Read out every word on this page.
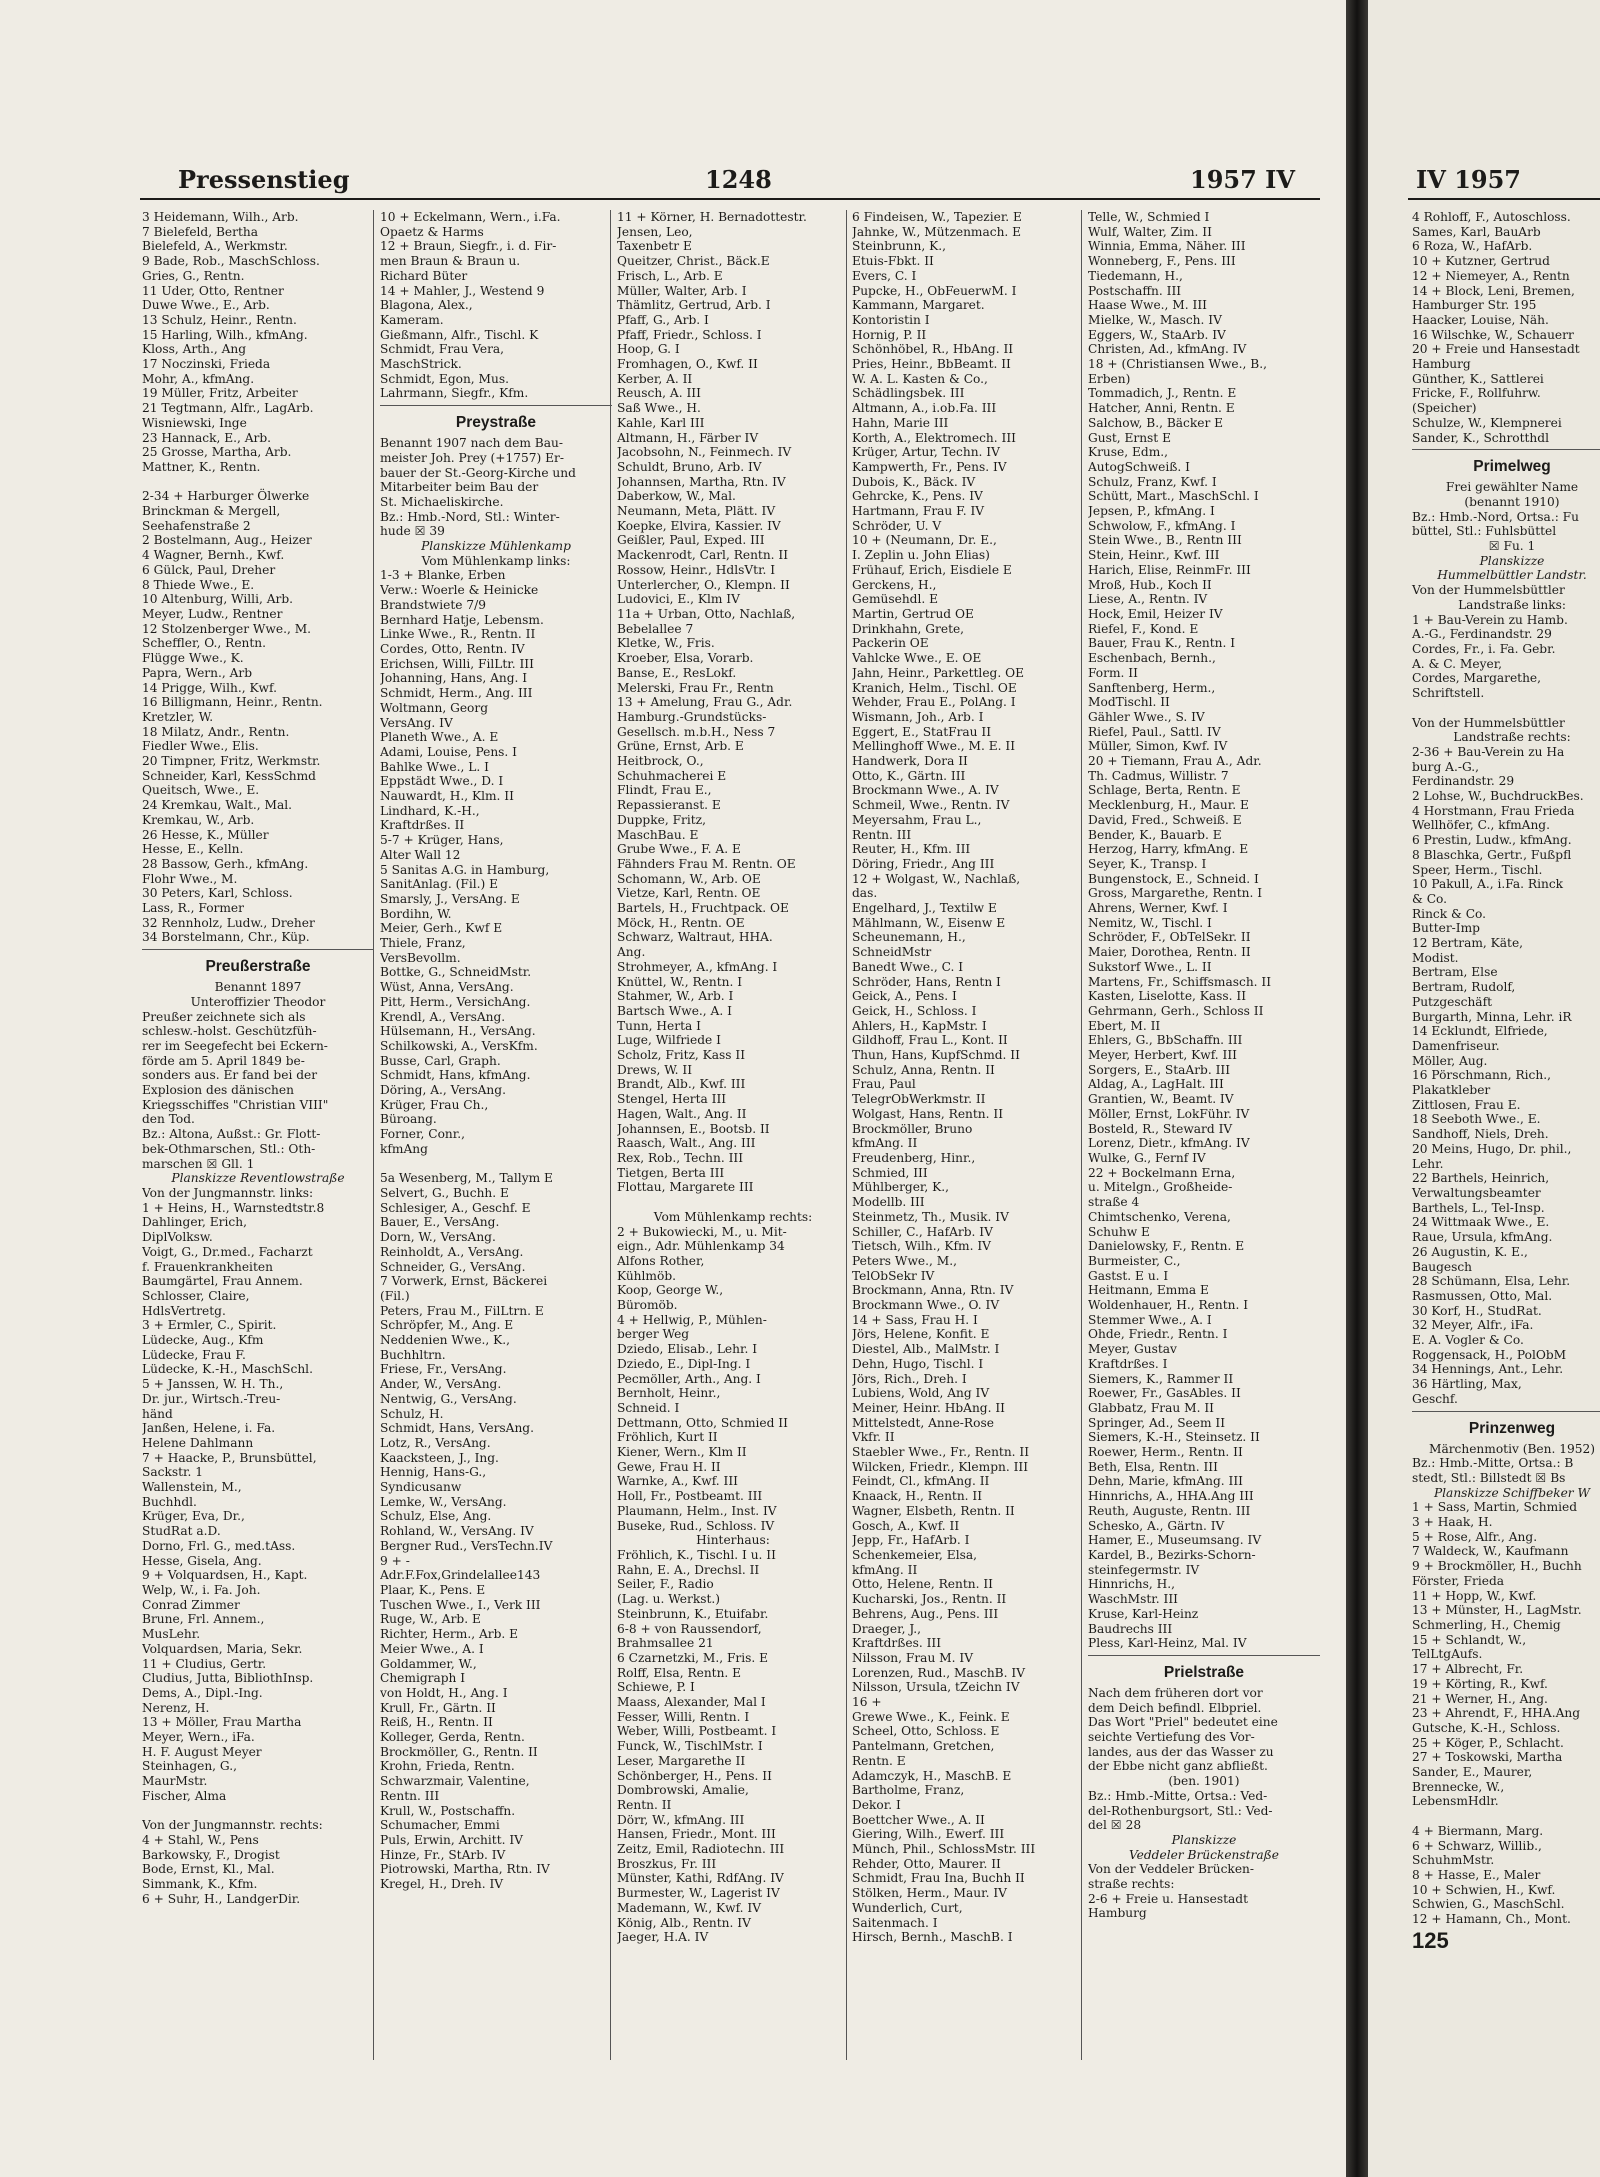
Pressenstieg	1248	1957 IV
3 Heidemann, Wilh., Arb.
7 Bielefeld, Bertha
Bielefeld, A., Werkmstr.
9 Bade, Rob., MaschSchloss.
Gries, G., Rentn.
11 Uder, Otto, Rentner
Duwe Wwe., E., Arb.
13 Schulz, Heinr., Rentn.
15 Harling, Wilh., kfmAng.
Kloss, Arth., Ang
17 Noczinski, Frieda
Mohr, A., kfmAng.
19 Müller, Fritz, Arbeiter
21 Tegtmann, Alfr., LagArb.
Wisniewski, Inge
23 Hannack, E., Arb.
25 Grosse, Martha, Arb.
Mattner, K., Rentn.

2-34 + Harburger Ölwerke
Brinckman & Mergell,
Seehafenstraße 2
2 Bostelmann, Aug., Heizer
4 Wagner, Bernh., Kwf.
6 Gülck, Paul, Dreher
8 Thiede Wwe., E.
10 Altenburg, Willi, Arb.
Meyer, Ludw., Rentner
12 Stolzenberger Wwe., M.
Scheffler, O., Rentn.
Flügge Wwe., K.
Papra, Wern., Arb
14 Prigge, Wilh., Kwf.
16 Billigmann, Heinr., Rentn.
Kretzler, W.
18 Milatz, Andr., Rentn.
Fiedler Wwe., Elis.
20 Timpner, Fritz, Werkmstr.
Schneider, Karl, KessSchmd
Queitsch, Wwe., E.
24 Kremkau, Walt., Mal.
Kremkau, W., Arb.
26 Hesse, K., Müller
Hesse, E., Kelln.
28 Bassow, Gerh., kfmAng.
Flohr Wwe., M.
30 Peters, Karl, Schloss.
Lass, R., Former
32 Rennholz, Ludw., Dreher
34 Borstelmann, Chr., Küp.
Preußerstraße
Benannt 1897
Unteroffizier Theodor
Preußer zeichnete sich als
schlesw.-holst. Geschützfüh-
rer im Seegefecht bei Eckern-
förde am 5. April 1849 be-
sonders aus. Er fand bei der
Explosion des dänischen
Kriegsschiffes "Christian VIII"
den Tod.
Bz.: Altona, Außst.: Gr. Flott-
bek-Othmarschen, Stl.: Oth-
marschen ☒ Gll. 1
Planskizze Reventlowstraße
Von der Jungmannstr. links:
1 + Heins, H., Warnstedtstr.8
Dahlinger, Erich,
DiplVolksw.
Voigt, G., Dr.med., Facharzt
f. Frauenkrankheiten
Baumgärtel, Frau Annem.
Schlosser, Claire,
HdlsVertretg.
3 + Ermler, C., Spirit.
Lüdecke, Aug., Kfm
Lüdecke, Frau F.
Lüdecke, K.-H., MaschSchl.
5 + Janssen, W. H. Th.,
Dr. jur., Wirtsch.-Treu-
händ
Janßen, Helene, i. Fa.
Helene Dahlmann
7 + Haacke, P., Brunsbüttel,
Sackstr. 1
Wallenstein, M.,
Buchhdl.
Krüger, Eva, Dr.,
StudRat a.D.
Dorno, Frl. G., med.tAss.
Hesse, Gisela, Ang.
9 + Volquardsen, H., Kapt.
Welp, W., i. Fa. Joh.
Conrad Zimmer
Brune, Frl. Annem.,
MusLehr.
Volquardsen, Maria, Sekr.
11 + Cludius, Gertr.
Cludius, Jutta, BibliothInsp.
Dems, A., Dipl.-Ing.
Nerenz, H.
13 + Möller, Frau Martha
Meyer, Wern., iFa.
H. F. August Meyer
Steinhagen, G.,
MaurMstr.
Fischer, Alma

Von der Jungmannstr. rechts:
4 + Stahl, W., Pens
Barkowsky, F., Drogist
Bode, Ernst, Kl., Mal.
Simmank, K., Kfm.
6 + Suhr, H., LandgerDir.
10 + Eckelmann, Wern., i.Fa.
Opaetz & Harms
12 + Braun, Siegfr., i. d. Fir-
men Braun & Braun u.
Richard Büter
14 + Mahler, J., Westend 9
Blagona, Alex.,
Kameram.
Gießmann, Alfr., Tischl. K
Schmidt, Frau Vera,
MaschStrick.
Schmidt, Egon, Mus.
Lahrmann, Siegfr., Kfm.
Preystraße
Benannt 1907 nach dem Bau-
meister Joh. Prey (+1757) Er-
bauer der St.-Georg-Kirche und
Mitarbeiter beim Bau der
St. Michaeliskirche.
Bz.: Hmb.-Nord, Stl.: Winter-
hude ☒ 39
Planskizze Mühlenkamp
Vom Mühlenkamp links:
1-3 + Blanke, Erben
Verw.: Woerle & Heinicke
Brandstwiete 7/9
Bernhard Hatje, Lebensm.
Linke Wwe., R., Rentn. II
Cordes, Otto, Rentn. IV
Erichsen, Willi, FilLtr. III
Johanning, Hans, Ang. I
Schmidt, Herm., Ang. III
Woltmann, Georg
VersAng. IV
Planeth Wwe., A. E
Adami, Louise, Pens. I
Bahlke Wwe., L. I
Eppstädt Wwe., D. I
Nauwardt, H., Klm. II
Lindhard, K.-H.,
Kraftdrßes. II
5-7 + Krüger, Hans,
Alter Wall 12
5 Sanitas A.G. in Hamburg,
SanitAnlag. (Fil.) E
Smarsly, J., VersAng. E
Bordihn, W.
Meier, Gerh., Kwf E
Thiele, Franz,
VersBevollm.
Bottke, G., SchneidMstr.
Wüst, Anna, VersAng.
Pitt, Herm., VersichAng.
Krendl, A., VersAng.
Hülsemann, H., VersAng.
Schilkowski, A., VersKfm.
Busse, Carl, Graph.
Schmidt, Hans, kfmAng.
Döring, A., VersAng.
Krüger, Frau Ch.,
Büroang.
Forner, Conr.,
kfmAng

5a Wesenberg, M., Tallym E
Selvert, G., Buchh. E
Schlesiger, A., Geschf. E
Bauer, E., VersAng.
Dorn, W., VersAng.
Reinholdt, A., VersAng.
Schneider, G., VersAng.
7 Vorwerk, Ernst, Bäckerei
(Fil.)
Peters, Frau M., FilLtrn. E
Schröpfer, M., Ang. E
Neddenien Wwe., K.,
Buchhltrn.
Friese, Fr., VersAng.
Ander, W., VersAng.
Nentwig, G., VersAng.
Schulz, H.
Schmidt, Hans, VersAng.
Lotz, R., VersAng.
Kaacksteen, J., Ing.
Hennig, Hans-G.,
Syndicusanw
Lemke, W., VersAng.
Schulz, Else, Ang.
Rohland, W., VersAng. IV
Bergner Rud., VersTechn.IV
9 + -
Adr.F.Fox,Grindelallee143
Plaar, K., Pens. E
Tuschen Wwe., I., Verk III
Ruge, W., Arb. E
Richter, Herm., Arb. E
Meier Wwe., A. I
Goldammer, W.,
Chemigraph I
von Holdt, H., Ang. I
Krull, Fr., Gärtn. II
Reiß, H., Rentn. II
Kolleger, Gerda, Rentn.
Brockmöller, G., Rentn. II
Krohn, Frieda, Rentn.
Schwarzmair, Valentine,
Rentn. III
Krull, W., Postschaffn.
Schumacher, Emmi
Puls, Erwin, Architt. IV
Hinze, Fr., StArb. IV
Piotrowski, Martha, Rtn. IV
Kregel, H., Dreh. IV
11 + Körner, H. Bernadottestr.
Jensen, Leo,
Taxenbetr E
Queitzer, Christ., Bäck.E
Frisch, L., Arb. E
Müller, Walter, Arb. I
Thämlitz, Gertrud, Arb. I
Pfaff, G., Arb. I
Pfaff, Friedr., Schloss. I
Hoop, G. I
Fromhagen, O., Kwf. II
Kerber, A. II
Reusch, A. III
Saß Wwe., H.
Kahle, Karl III
Altmann, H., Färber IV
Jacobsohn, N., Feinmech. IV
Schuldt, Bruno, Arb. IV
Johannsen, Martha, Rtn. IV
Daberkow, W., Mal.
Neumann, Meta, Plätt. IV
Koepke, Elvira, Kassier. IV
Geißler, Paul, Exped. III
Mackenrodt, Carl, Rentn. II
Rossow, Heinr., HdlsVtr. I
Unterlercher, O., Klempn. II
Ludovici, E., Klm IV
11a + Urban, Otto, Nachlaß,
Bebelallee 7
Kletke, W., Fris.
Kroeber, Elsa, Vorarb.
Banse, E., ResLokf.
Melerski, Frau Fr., Rentn
13 + Amelung, Frau G., Adr.
Hamburg.-Grundstücks-
Gesellsch. m.b.H., Ness 7
Grüne, Ernst, Arb. E
Heitbrock, O.,
Schuhmacherei E
Flindt, Frau E.,
Repassieranst. E
Duppke, Fritz,
MaschBau. E
Grube Wwe., F. A. E
Fähnders Frau M. Rentn. OE
Schomann, W., Arb. OE
Vietze, Karl, Rentn. OE
Bartels, H., Fruchtpack. OE
Möck, H., Rentn. OE
Schwarz, Waltraut, HHA.
Ang.
Strohmeyer, A., kfmAng. I
Knüttel, W., Rentn. I
Stahmer, W., Arb. I
Bartsch Wwe., A. I
Tunn, Herta I
Luge, Wilfriede I
Scholz, Fritz, Kass II
Drews, W. II
Brandt, Alb., Kwf. III
Stengel, Herta III
Hagen, Walt., Ang. II
Johannsen, E., Bootsb. II
Raasch, Walt., Ang. III
Rex, Rob., Techn. III
Tietgen, Berta III
Flottau, Margarete III

Vom Mühlenkamp rechts:
2 + Bukowiecki, M., u. Mit-
eign., Adr. Mühlenkamp 34
Alfons Rother,
Kühlmöb.
Koop, George W.,
Büromöb.
4 + Hellwig, P., Mühlen-
berger Weg
Dziedo, Elisab., Lehr. I
Dziedo, E., Dipl-Ing. I
Pecmöller, Arth., Ang. I
Bernholt, Heinr.,
Schneid. I
Dettmann, Otto, Schmied II
Fröhlich, Kurt II
Kiener, Wern., Klm II
Gewe, Frau H. II
Warnke, A., Kwf. III
Holl, Fr., Postbeamt. III
Plaumann, Helm., Inst. IV
Buseke, Rud., Schloss. IV
Hinterhaus:
Fröhlich, K., Tischl. I u. II
Rahn, E. A., Drechsl. II
Seiler, F., Radio
(Lag. u. Werkst.)
Steinbrunn, K., Etuifabr.
6-8 + von Raussendorf,
Brahmsallee 21
6 Czarnetzki, M., Fris. E
Rolff, Elsa, Rentn. E
Schiewe, P. I
Maass, Alexander, Mal I
Fesser, Willi, Rentn. I
Weber, Willi, Postbeamt. I
Funck, W., TischlMstr. I
Leser, Margarethe II
Schönberger, H., Pens. II
Dombrowski, Amalie,
Rentn. II
Dörr, W., kfmAng. III
Hansen, Friedr., Mont. III
Zeitz, Emil, Radiotechn. III
Broszkus, Fr. III
Münster, Kathi, RdfAng. IV
Burmester, W., Lagerist IV
Mademann, W., Kwf. IV
König, Alb., Rentn. IV
Jaeger, H.A. IV
6 Findeisen, W., Tapezier. E
Jahnke, W., Mützenmach. E
Steinbrunn, K.,
Etuis-Fbkt. II
Evers, C. I
Pupcke, H., ObFeuerwM. I
Kammann, Margaret.
Kontoristin I
Hornig, P. II
Schönhöbel, R., HbAng. II
Pries, Heinr., BbBeamt. II
W. A. L. Kasten & Co.,
Schädlingsbek. III
Altmann, A., i.ob.Fa. III
Hahn, Marie III
Korth, A., Elektromech. III
Krüger, Artur, Techn. IV
Kampwerth, Fr., Pens. IV
Dubois, K., Bäck. IV
Gehrcke, K., Pens. IV
Hartmann, Frau F. IV
Schröder, U. V
10 + (Neumann, Dr. E.,
I. Zeplin u. John Elias)
Frühauf, Erich, Eisdiele E
Gerckens, H.,
Gemüsehdl. E
Martin, Gertrud OE
Drinkhahn, Grete,
Packerin OE
Vahlcke Wwe., E. OE
Jahn, Heinr., Parkettleg. OE
Kranich, Helm., Tischl. OE
Wehder, Frau E., PolAng. I
Wismann, Joh., Arb. I
Eggert, E., StatFrau II
Mellinghoff Wwe., M. E. II
Handwerk, Dora II
Otto, K., Gärtn. III
Brockmann Wwe., A. IV
Schmeil, Wwe., Rentn. IV
Meyersahm, Frau L.,
Rentn. III
Reuter, H., Kfm. III
Döring, Friedr., Ang III
12 + Wolgast, W., Nachlaß,
das.
Engelhard, J., Textilw E
Mählmann, W., Eisenw E
Scheunemann, H.,
SchneidMstr
Banedt Wwe., C. I
Schröder, Hans, Rentn I
Geick, A., Pens. I
Geick, H., Schloss. I
Ahlers, H., KapMstr. I
Gildhoff, Frau L., Kont. II
Thun, Hans, KupfSchmd. II
Schulz, Anna, Rentn. II
Frau, Paul
TelegrObWerkmstr. II
Wolgast, Hans, Rentn. II
Brockmöller, Bruno
kfmAng. II
Freudenberg, Hinr.,
Schmied, III
Mühlberger, K.,
Modellb. III
Steinmetz, Th., Musik. IV
Schiller, C., HafArb. IV
Tietsch, Wilh., Kfm. IV
Peters Wwe., M.,
TelObSekr IV
Brockmann, Anna, Rtn. IV
Brockmann Wwe., O. IV
14 + Sass, Frau H. I
Jörs, Helene, Konfit. E
Diestel, Alb., MalMstr. I
Dehn, Hugo, Tischl. I
Jörs, Rich., Dreh. I
Lubiens, Wold, Ang IV
Meiner, Heinr. HbAng. II
Mittelstedt, Anne-Rose
Vkfr. II
Staebler Wwe., Fr., Rentn. II
Wilcken, Friedr., Klempn. III
Feindt, Cl., kfmAng. II
Knaack, H., Rentn. II
Wagner, Elsbeth, Rentn. II
Gosch, A., Kwf. II
Jepp, Fr., HafArb. I
Schenkemeier, Elsa,
kfmAng. II
Otto, Helene, Rentn. II
Kucharski, Jos., Rentn. II
Behrens, Aug., Pens. III
Draeger, J.,
Kraftdrßes. III
Nilsson, Frau M. IV
Lorenzen, Rud., MaschB. IV
Nilsson, Ursula, tZeichn IV
16 +
Grewe Wwe., K., Feink. E
Scheel, Otto, Schloss. E
Pantelmann, Gretchen,
Rentn. E
Adamczyk, H., MaschB. E
Bartholme, Franz,
Dekor. I
Boettcher Wwe., A. II
Giering, Wilh., Ewerf. III
Münch, Phil., SchlossMstr. III
Rehder, Otto, Maurer. II
Schmidt, Frau Ina, Buchh II
Stölken, Herm., Maur. IV
Wunderlich, Curt,
Saitenmach. I
Hirsch, Bernh., MaschB. I
Telle, W., Schmied I
Wulf, Walter, Zim. II
Winnia, Emma, Näher. III
Wonneberg, F., Pens. III
Tiedemann, H.,
Postschaffn. III
Haase Wwe., M. III
Mielke, W., Masch. IV
Eggers, W., StaArb. IV
Christen, Ad., kfmAng. IV
18 + (Christiansen Wwe., B.,
Erben)
Tommadich, J., Rentn. E
Hatcher, Anni, Rentn. E
Salchow, B., Bäcker E
Gust, Ernst E
Kruse, Edm.,
AutogSchweiß. I
Schulz, Franz, Kwf. I
Schütt, Mart., MaschSchl. I
Jepsen, P., kfmAng. I
Schwolow, F., kfmAng. I
Stein Wwe., B., Rentn III
Stein, Heinr., Kwf. III
Harich, Elise, ReinmFr. III
Mroß, Hub., Koch II
Liese, A., Rentn. IV
Hock, Emil, Heizer IV
Riefel, F., Kond. E
Bauer, Frau K., Rentn. I
Eschenbach, Bernh.,
Form. II
Sanftenberg, Herm.,
ModTischl. II
Gähler Wwe., S. IV
Riefel, Paul., Sattl. IV
Müller, Simon, Kwf. IV
20 + Tiemann, Frau A., Adr.
Th. Cadmus, Willistr. 7
Schlage, Berta, Rentn. E
Mecklenburg, H., Maur. E
David, Fred., Schweiß. E
Bender, K., Bauarb. E
Herzog, Harry, kfmAng. E
Seyer, K., Transp. I
Bungenstock, E., Schneid. I
Gross, Margarethe, Rentn. I
Ahrens, Werner, Kwf. I
Nemitz, W., Tischl. I
Schröder, F., ObTelSekr. II
Maier, Dorothea, Rentn. II
Sukstorf Wwe., L. II
Martens, Fr., Schiffsmasch. II
Kasten, Liselotte, Kass. II
Gehrmann, Gerh., Schloss II
Ebert, M. II
Ehlers, G., BbSchaffn. III
Meyer, Herbert, Kwf. III
Sorgers, E., StaArb. III
Aldag, A., LagHalt. III
Grantien, W., Beamt. IV
Möller, Ernst, LokFühr. IV
Bosteld, R., Steward IV
Lorenz, Dietr., kfmAng. IV
Wulke, G., Fernf IV
22 + Bockelmann Erna,
u. Mitelgn., Großheide-
straße 4
Chimtschenko, Verena,
Schuhw E
Danielowsky, F., Rentn. E
Burmeister, C.,
Gastst. E u. I
Heitmann, Emma E
Woldenhauer, H., Rentn. I
Stemmer Wwe., A. I
Ohde, Friedr., Rentn. I
Meyer, Gustav
Kraftdrßes. I
Siemers, K., Rammer II
Roewer, Fr., GasAbles. II
Glabbatz, Frau M. II
Springer, Ad., Seem II
Siemers, K.-H., Steinsetz. II
Roewer, Herm., Rentn. II
Beth, Elsa, Rentn. III
Dehn, Marie, kfmAng. III
Hinnrichs, A., HHA.Ang III
Reuth, Auguste, Rentn. III
Schesko, A., Gärtn. IV
Hamer, E., Museumsang. IV
Kardel, B., Bezirks-Schorn-
steinfegermstr. IV
Hinnrichs, H.,
WaschMstr. III
Kruse, Karl-Heinz
Baudrechs III
Pless, Karl-Heinz, Mal. IV
Prielstraße
Nach dem früheren dort vor
dem Deich befindl. Elbpriel.
Das Wort "Priel" bedeutet eine
seichte Vertiefung des Vor-
landes, aus der das Wasser zu
der Ebbe nicht ganz abfließt.
(ben. 1901)
Bz.: Hmb.-Mitte, Ortsa.: Ved-
del-Rothenburgsort, Stl.: Ved-
del ☒ 28
Planskizze
Veddeler Brückenstraße
Von der Veddeler Brücken-
straße rechts:
2-6 + Freie u. Hansestadt
Hamburg
IV 1957
4 Rohloff, F., Autoschloss.
Sames, Karl, BauArb
6 Roza, W., HafArb.
10 + Kutzner, Gertrud
12 + Niemeyer, A., Rentn
14 + Block, Leni, Bremen,
Hamburger Str. 195
Haacker, Louise, Näh.
16 Wilschke, W., Schauerr
20 + Freie und Hansestadt
Hamburg
Günther, K., Sattlerei
Fricke, F., Rollfuhrw.
(Speicher)
Schulze, W., Klempnerei
Sander, K., Schrotthdl
Primelweg
Frei gewählter Name
(benannt 1910)
Bz.: Hmb.-Nord, Ortsa.: Fu
büttel, Stl.: Fuhlsbüttel
☒ Fu. 1
Planskizze
Hummelbüttler Landstr.
Von der Hummelsbüttler
Landstraße links:
1 + Bau-Verein zu Hamb.
A.-G., Ferdinandstr. 29
Cordes, Fr., i. Fa. Gebr.
A. & C. Meyer,
Cordes, Margarethe,
Schriftstell.

Von der Hummelsbüttler
Landstraße rechts:
2-36 + Bau-Verein zu Ha
burg A.-G.,
Ferdinandstr. 29
2 Lohse, W., BuchdruckBes.
4 Horstmann, Frau Frieda
Wellhöfer, C., kfmAng.
6 Prestin, Ludw., kfmAng.
8 Blaschka, Gertr., Fußpfl
Speer, Herm., Tischl.
10 Pakull, A., i.Fa. Rinck
& Co.
Rinck & Co.
Butter-Imp
12 Bertram, Käte,
Modist.
Bertram, Else
Bertram, Rudolf,
Putzgeschäft
Burgarth, Minna, Lehr. iR
14 Ecklundt, Elfriede,
Damenfriseur.
Möller, Aug.
16 Pörschmann, Rich.,
Plakatkleber
Zittlosen, Frau E.
18 Seeboth Wwe., E.
Sandhoff, Niels, Dreh.
20 Meins, Hugo, Dr. phil.,
Lehr.
22 Barthels, Heinrich,
Verwaltungsbeamter
Barthels, L., Tel-Insp.
24 Wittmaak Wwe., E.
Raue, Ursula, kfmAng.
26 Augustin, K. E.,
Baugesch
28 Schümann, Elsa, Lehr.
Rasmussen, Otto, Mal.
30 Korf, H., StudRat.
32 Meyer, Alfr., iFa.
E. A. Vogler & Co.
Roggensack, H., PolObM
34 Hennings, Ant., Lehr.
36 Härtling, Max,
Geschf.
Prinzenweg
Märchenmotiv (Ben. 1952)
Bz.: Hmb.-Mitte, Ortsa.: B
stedt, Stl.: Billstedt ☒ Bs
Planskizze Schiffbeker W
1 + Sass, Martin, Schmied
3 + Haak, H.
5 + Rose, Alfr., Ang.
7 Waldeck, W., Kaufmann
9 + Brockmöller, H., Buchh
Förster, Frieda
11 + Hopp, W., Kwf.
13 + Münster, H., LagMstr.
Schmerling, H., Chemig
15 + Schlandt, W.,
TelLtgAufs.
17 + Albrecht, Fr.
19 + Körting, R., Kwf.
21 + Werner, H., Ang.
23 + Ahrendt, F., HHA.Ang
Gutsche, K.-H., Schloss.
25 + Köger, P., Schlacht.
27 + Toskowski, Martha
Sander, E., Maurer,
Brennecke, W.,
LebensmHdlr.

4 + Biermann, Marg.
6 + Schwarz, Willib.,
SchuhmMstr.
8 + Hasse, E., Maler
10 + Schwien, H., Kwf.
Schwien, G., MaschSchl.
12 + Hamann, Ch., Mont.
125
